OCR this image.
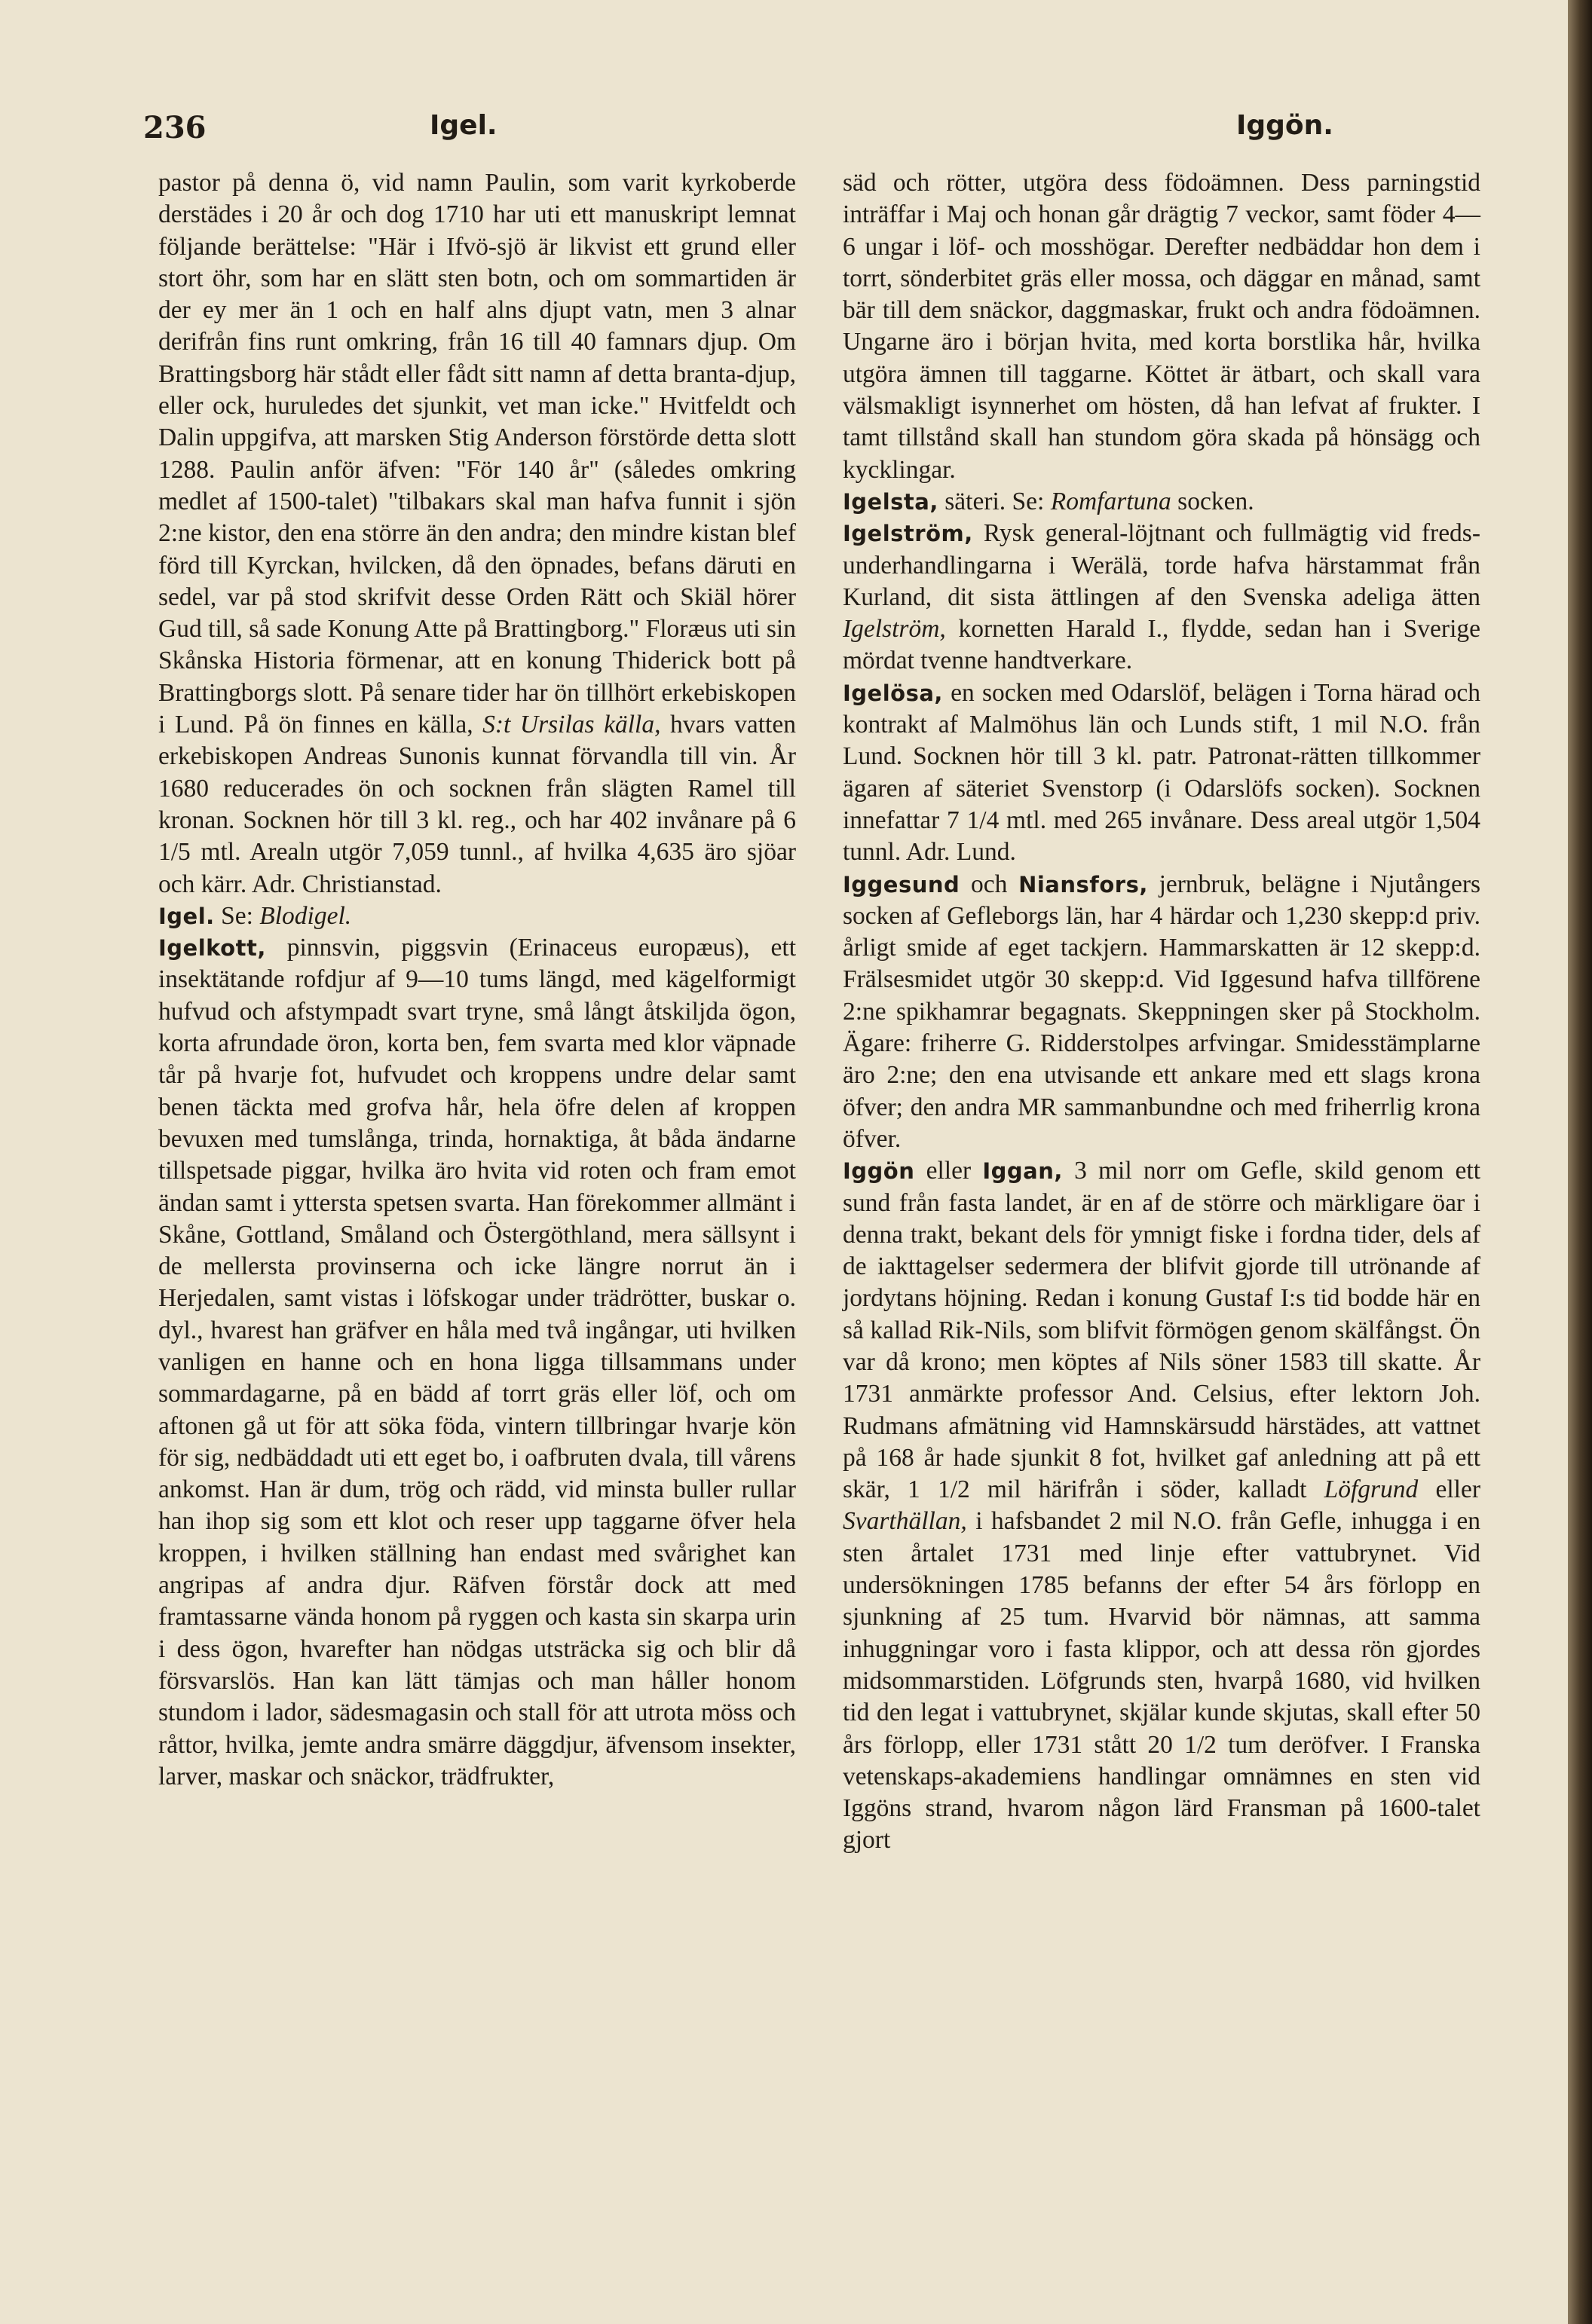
236	Igel.	Iggön.

pastor på denna ö, vid namn Paulin, som varit kyrkoberde derstädes i 20 år och dog 1710 har uti ett manuskript lemnat följande berättelse: "Här i Ifvö-sjö är likvist ett grund eller stort öhr, som har en slätt sten botn, och om sommartiden är der ey mer än 1 och en half alns djupt vatn, men 3 alnar derifrån fins runt omkring, från 16 till 40 famnars djup. Om Brattingsborg här stådt eller fådt sitt namn af detta branta-djup, eller ock, huruledes det sjunkit, vet man icke." Hvitfeldt och Dalin uppgifva, att marsken Stig Anderson förstörde detta slott 1288. Paulin anför äfven: "För 140 år" (således omkring medlet af 1500-talet) "tilbakars skal man hafva funnit i sjön 2:ne kistor, den ena större än den andra; den mindre kistan blef förd till Kyrckan, hvilcken, då den öpnades, befans däruti en sedel, var på stod skrifvit desse Orden Rätt och Skiäl hörer Gud till, så sade Konung Atte på Brattingborg." Floræus uti sin Skånska Historia förmenar, att en konung Thiderick bott på Brattingborgs slott. På senare tider har ön tillhört erkebiskopen i Lund. På ön finnes en källa, S:t Ursilas källa, hvars vatten erkebiskopen Andreas Sunonis kunnat förvandla till vin. År 1680 reducerades ön och socknen från slägten Ramel till kronan. Socknen hör till 3 kl. reg., och har 402 invånare på 6 1/5 mtl. Arealn utgör 7,059 tunnl., af hvilka 4,635 äro sjöar och kärr. Adr. Christianstad.

Igel. Se: Blodigel.

Igelkott, pinnsvin, piggsvin (Erinaceus europæus), ett insektätande rofdjur af 9—10 tums längd, med kägelformigt hufvud och afstympadt svart tryne, små långt åtskiljda ögon, korta afrundade öron, korta ben, fem svarta med klor väpnade tår på hvarje fot, hufvudet och kroppens undre delar samt benen täckta med grofva hår, hela öfre delen af kroppen bevuxen med tumslånga, trinda, hornaktiga, åt båda ändarne tillspetsade piggar, hvilka äro hvita vid roten och fram emot ändan samt i yttersta spetsen svarta. Han förekommer allmänt i Skåne, Gottland, Småland och Östergöthland, mera sällsynt i de mellersta provinserna och icke längre norrut än i Herjedalen, samt vistas i löfskogar under trädrötter, buskar o. dyl., hvarest han gräfver en håla med två ingångar, uti hvilken vanligen en hanne och en hona ligga tillsammans under sommardagarne, på en bädd af torrt gräs eller löf, och om aftonen gå ut för att söka föda, vintern tillbringar hvarje kön för sig, nedbäddadt uti ett eget bo, i oafbruten dvala, till vårens ankomst. Han är dum, trög och rädd, vid minsta buller rullar han ihop sig som ett klot och reser upp taggarne öfver hela kroppen, i hvilken ställning han endast med svårighet kan angripas af andra djur. Räfven förstår dock att med framtassarne vända honom på ryggen och kasta sin skarpa urin i dess ögon, hvarefter han nödgas utsträcka sig och blir då försvarslös. Han kan lätt tämjas och man håller honom stundom i lador, sädesmagasin och stall för att utrota möss och råttor, hvilka, jemte andra smärre däggdjur, äfvensom insekter, larver, maskar och snäckor, trädfrukter,

säd och rötter, utgöra dess födoämnen. Dess parningstid inträffar i Maj och honan går drägtig 7 veckor, samt föder 4—6 ungar i löf- och mosshögar. Derefter nedbäddar hon dem i torrt, sönderbitet gräs eller mossa, och däggar en månad, samt bär till dem snäckor, daggmaskar, frukt och andra födoämnen. Ungarne äro i början hvita, med korta borstlika hår, hvilka utgöra ämnen till taggarne. Köttet är ätbart, och skall vara välsmakligt isynnerhet om hösten, då han lefvat af frukter. I tamt tillstånd skall han stundom göra skada på hönsägg och kycklingar.

Igelsta, säteri. Se: Romfartuna socken.

Igelström, Rysk general-löjtnant och fullmägtig vid freds-underhandlingarna i Werälä, torde hafva härstammat från Kurland, dit sista ättlingen af den Svenska adeliga ätten Igelström, kornetten Harald I., flydde, sedan han i Sverige mördat tvenne handtverkare.

Igelösa, en socken med Odarslöf, belägen i Torna härad och kontrakt af Malmöhus län och Lunds stift, 1 mil N.O. från Lund. Socknen hör till 3 kl. patr. Patronat-rätten tillkommer ägaren af säteriet Svenstorp (i Odarslöfs socken). Socknen innefattar 7 1/4 mtl. med 265 invånare. Dess areal utgör 1,504 tunnl. Adr. Lund.

Iggesund och Niansfors, jernbruk, belägne i Njutångers socken af Gefleborgs län, har 4 härdar och 1,230 skepp:d priv. årligt smide af eget tackjern. Hammarskatten är 12 skepp:d. Frälsesmidet utgör 30 skepp:d. Vid Iggesund hafva tillförene 2:ne spikhamrar begagnats. Skeppningen sker på Stockholm. Ägare: friherre G. Ridderstolpes arfvingar. Smidesstämplarne äro 2:ne; den ena utvisande ett ankare med ett slags krona öfver; den andra MR sammanbundne och med friherrlig krona öfver.

Iggön eller Iggan, 3 mil norr om Gefle, skild genom ett sund från fasta landet, är en af de större och märkligare öar i denna trakt, bekant dels för ymnigt fiske i fordna tider, dels af de iakttagelser sedermera der blifvit gjorde till utrönande af jordytans höjning. Redan i konung Gustaf I:s tid bodde här en så kallad Rik-Nils, som blifvit förmögen genom skälfångst. Ön var då krono; men köptes af Nils söner 1583 till skatte. År 1731 anmärkte professor And. Celsius, efter lektorn Joh. Rudmans afmätning vid Hamnskärsudd härstädes, att vattnet på 168 år hade sjunkit 8 fot, hvilket gaf anledning att på ett skär, 1 1/2 mil härifrån i söder, kalladt Löfgrund eller Svarthällan, i hafsbandet 2 mil N.O. från Gefle, inhugga i en sten årtalet 1731 med linje efter vattubrynet. Vid undersökningen 1785 befanns der efter 54 års förlopp en sjunkning af 25 tum. Hvarvid bör nämnas, att samma inhuggningar voro i fasta klippor, och att dessa rön gjordes midsommarstiden. Löfgrunds sten, hvarpå 1680, vid hvilken tid den legat i vattubrynet, skjälar kunde skjutas, skall efter 50 års förlopp, eller 1731 stått 20 1/2 tum deröfver. I Franska vetenskaps-akademiens handlingar omnämnes en sten vid Iggöns strand, hvarom någon lärd Fransman på 1600-talet gjort
